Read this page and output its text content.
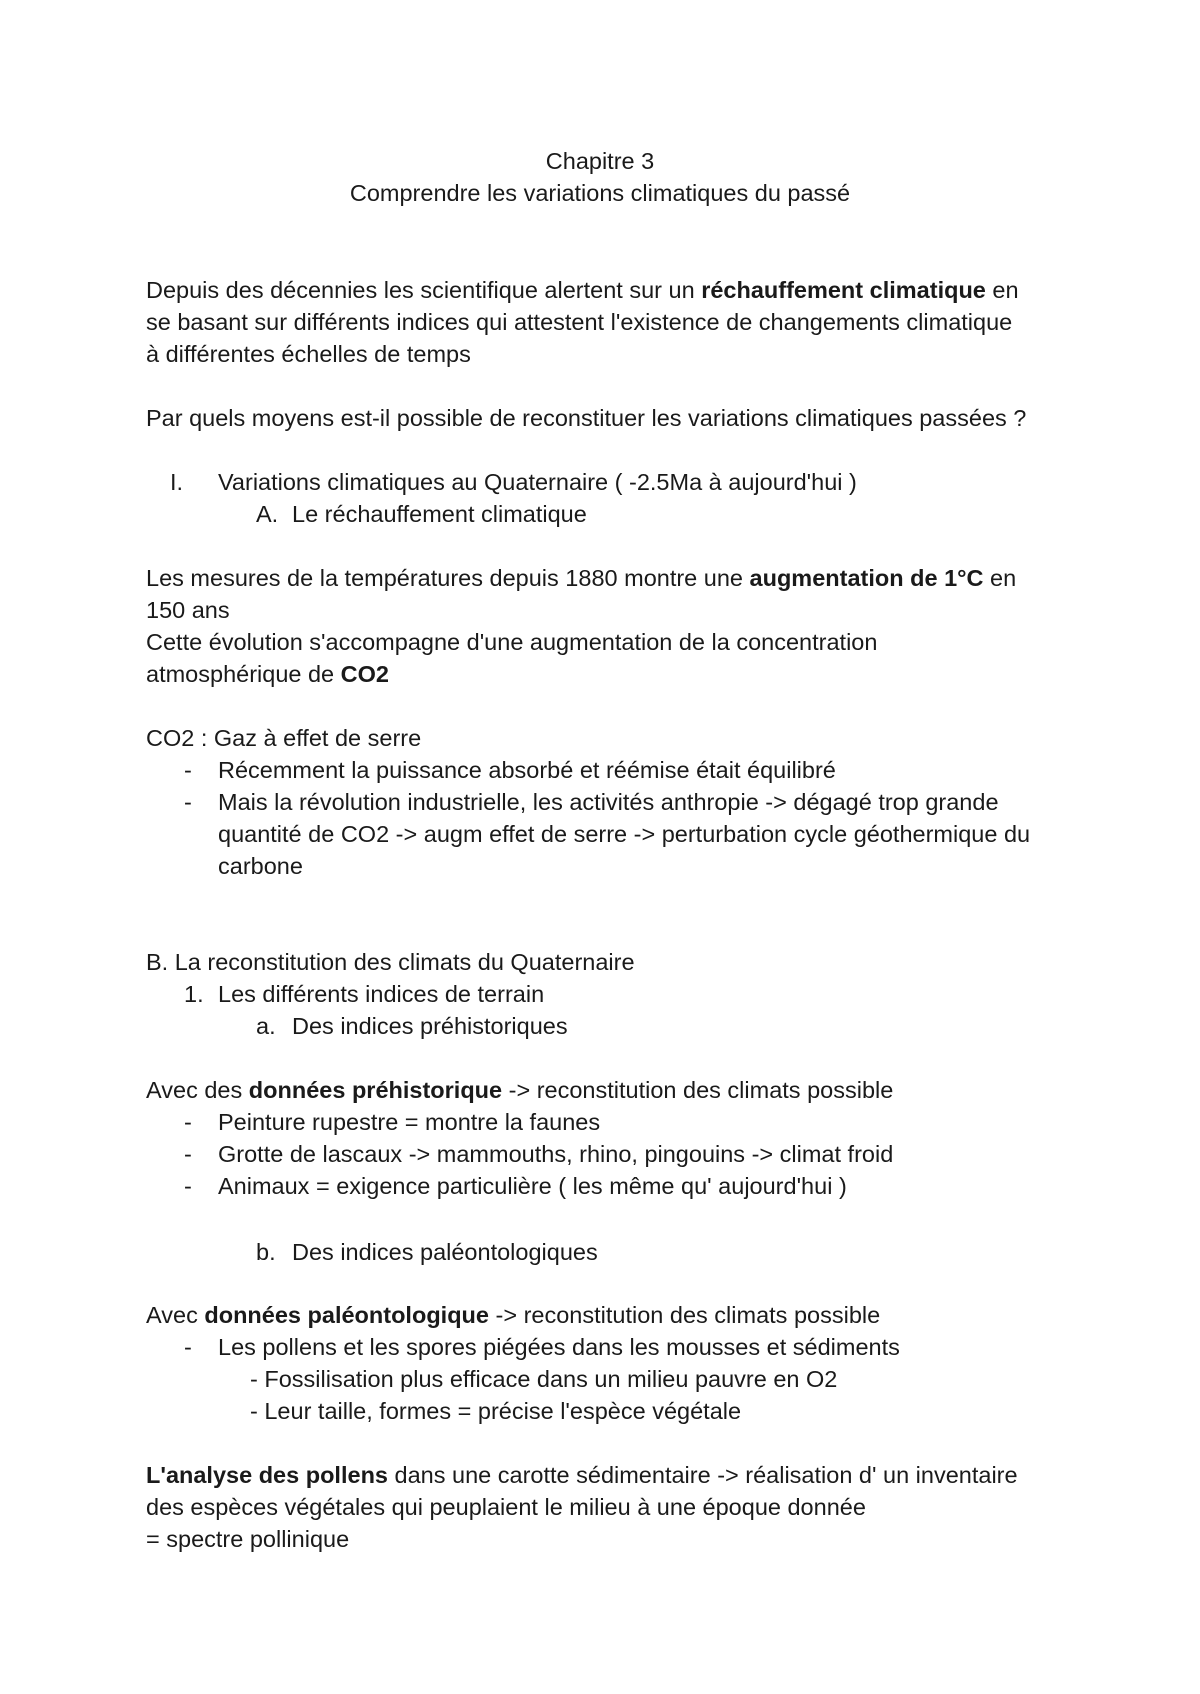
Chapitre 3
Comprendre les variations climatiques du passé
Depuis des décennies les scientifique alertent sur un réchauffement climatique en
se basant sur différents indices qui attestent l'existence de changements climatique
à différentes échelles de temps
Par quels moyens est-il possible de reconstituer les variations climatiques passées ?
I. Variations climatiques au Quaternaire ( -2.5Ma à aujourd'hui )
A. Le réchauffement climatique
Les mesures de la températures depuis 1880 montre une augmentation de 1°C en
150 ans
Cette évolution s'accompagne d'une augmentation de la concentration
atmosphérique de CO2
CO2 : Gaz à effet de serre
- Récemment la puissance absorbé et réémise était équilibré
- Mais la révolution industrielle, les activités anthropie -> dégagé trop grande
quantité de CO2 -> augm effet de serre -> perturbation cycle géothermique du
carbone
B. La reconstitution des climats du Quaternaire
1. Les différents indices de terrain
a. Des indices préhistoriques
Avec des données préhistorique -> reconstitution des climats possible
- Peinture rupestre = montre la faunes
- Grotte de lascaux -> mammouths, rhino, pingouins -> climat froid
- Animaux = exigence particulière ( les même qu' aujourd'hui )
b. Des indices paléontologiques
Avec données paléontologique -> reconstitution des climats possible
- Les pollens et les spores piégées dans les mousses et sédiments
- Fossilisation plus efficace dans un milieu pauvre en O2
- Leur taille, formes = précise l'espèce végétale
L'analyse des pollens dans une carotte sédimentaire -> réalisation d' un inventaire
des espèces végétales qui peuplaient le milieu à une époque donnée
= spectre pollinique
